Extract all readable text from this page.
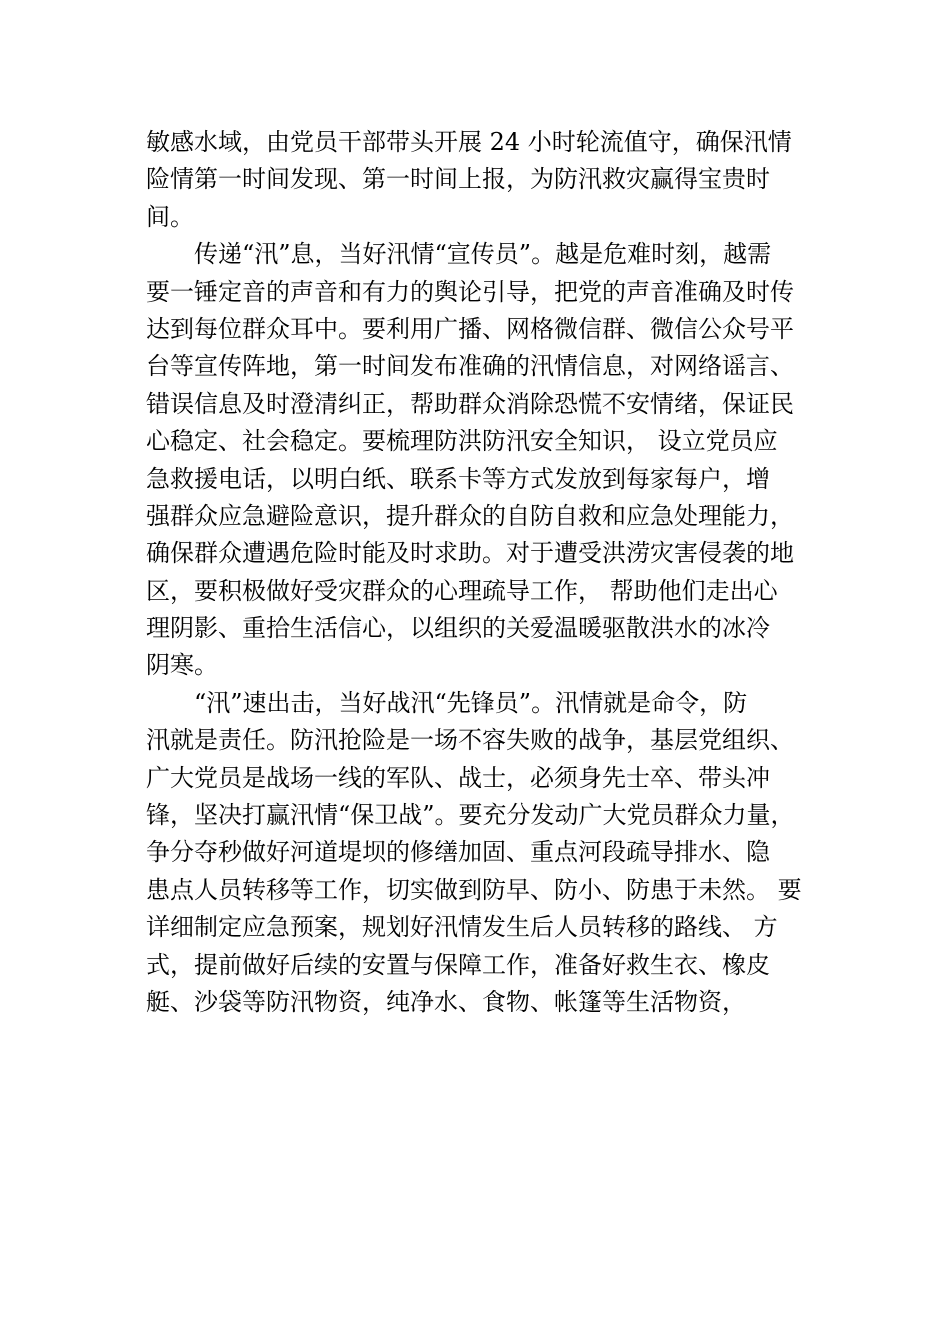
敏感水域，由党员干部带头开展 24 小时轮流值守，确保汛情
险情第一时间发现、第一时间上报，为防汛救灾赢得宝贵时
间。
传递“汛”息，当好汛情“宣传员”。越是危难时刻，越需
要一锤定音的声音和有力的舆论引导，把党的声音准确及时传
达到每位群众耳中。要利用广播、网格微信群、微信公众号平
台等宣传阵地，第一时间发布准确的汛情信息，对网络谣言、
错误信息及时澄清纠正，帮助群众消除恐慌不安情绪，保证民
心稳定、社会稳定。要梳理防洪防汛安全知识， 设立党员应
急救援电话，以明白纸、联系卡等方式发放到每家每户，增
强群众应急避险意识，提升群众的自防自救和应急处理能力，
确保群众遭遇危险时能及时求助。对于遭受洪涝灾害侵袭的地
区，要积极做好受灾群众的心理疏导工作， 帮助他们走出心
理阴影、重拾生活信心，以组织的关爱温暖驱散洪水的冰冷
阴寒。
“汛”速出击，当好战汛“先锋员”。汛情就是命令，防
汛就是责任。防汛抢险是一场不容失败的战争，基层党组织、
广大党员是战场一线的军队、战士，必须身先士卒、带头冲
锋，坚决打赢汛情“保卫战”。要充分发动广大党员群众力量，
争分夺秒做好河道堤坝的修缮加固、重点河段疏导排水、隐
患点人员转移等工作，切实做到防早、防小、防患于未然。 要
详细制定应急预案，规划好汛情发生后人员转移的路线、 方
式，提前做好后续的安置与保障工作，准备好救生衣、橡皮
艇、沙袋等防汛物资，纯净水、食物、帐篷等生活物资，
